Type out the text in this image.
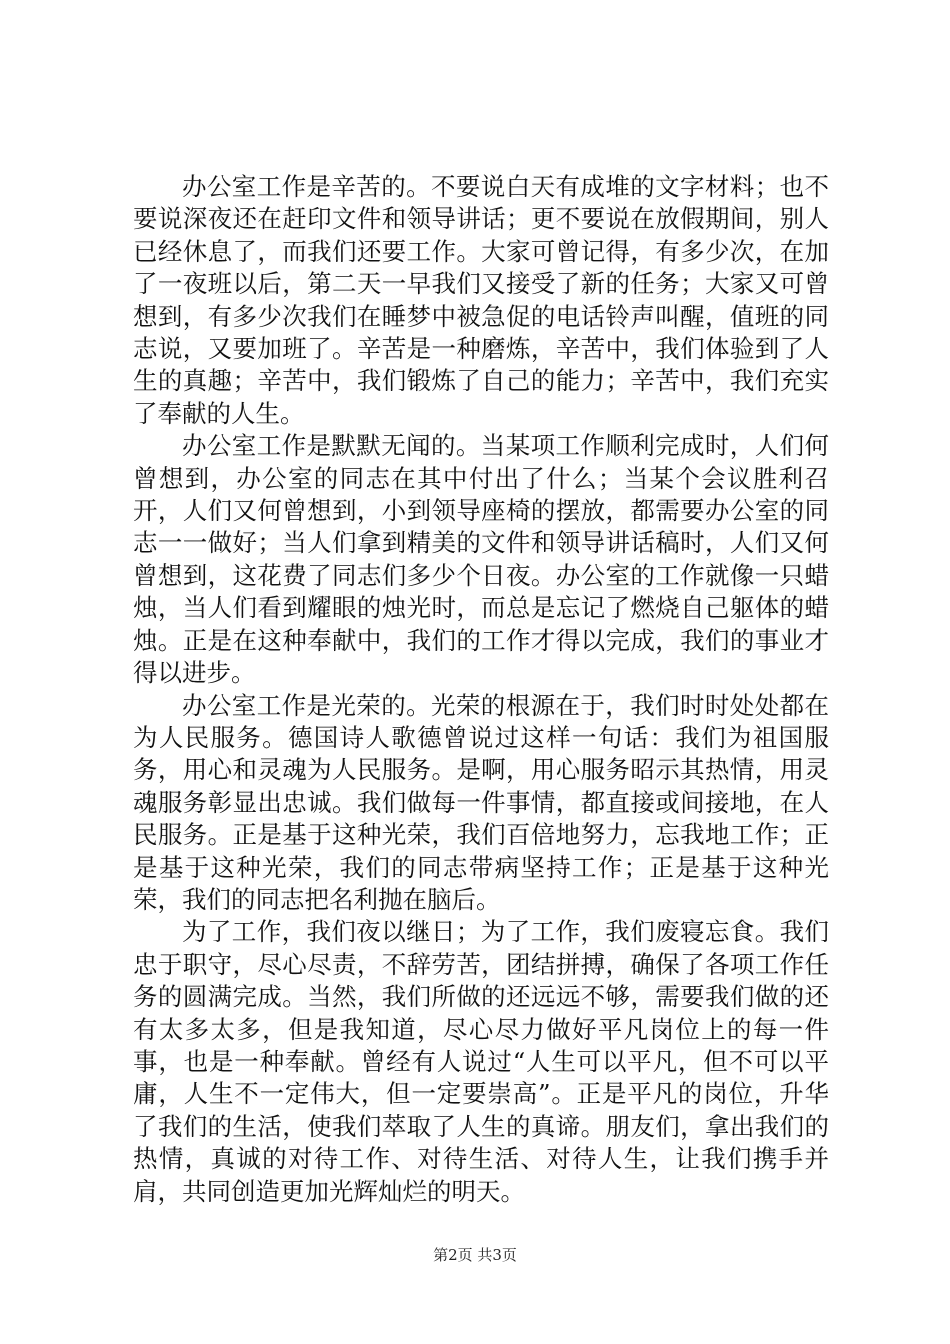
办公室工作是辛苦的。不要说白天有成堆的文字材料；也不要说深夜还在赶印文件和领导讲话；更不要说在放假期间，别人已经休息了，而我们还要工作。大家可曾记得，有多少次，在加了一夜班以后，第二天一早我们又接受了新的任务；大家又可曾想到，有多少次我们在睡梦中被急促的电话铃声叫醒，值班的同志说，又要加班了。辛苦是一种磨炼，辛苦中，我们体验到了人生的真趣；辛苦中，我们锻炼了自己的能力；辛苦中，我们充实了奉献的人生。

办公室工作是默默无闻的。当某项工作顺利完成时，人们何曾想到，办公室的同志在其中付出了什么；当某个会议胜利召开，人们又何曾想到，小到领导座椅的摆放，都需要办公室的同志一一做好；当人们拿到精美的文件和领导讲话稿时，人们又何曾想到，这花费了同志们多少个日夜。办公室的工作就像一只蜡烛，当人们看到耀眼的烛光时，而总是忘记了燃烧自己躯体的蜡烛。正是在这种奉献中，我们的工作才得以完成，我们的事业才得以进步。

办公室工作是光荣的。光荣的根源在于，我们时时处处都在为人民服务。德国诗人歌德曾说过这样一句话：我们为祖国服务，用心和灵魂为人民服务。是啊，用心服务昭示其热情，用灵魂服务彰显出忠诚。我们做每一件事情，都直接或间接地，在人民服务。正是基于这种光荣，我们百倍地努力，忘我地工作；正是基于这种光荣，我们的同志带病坚持工作；正是基于这种光荣，我们的同志把名利抛在脑后。

为了工作，我们夜以继日；为了工作，我们废寝忘食。我们忠于职守，尽心尽责，不辞劳苦，团结拼搏，确保了各项工作任务的圆满完成。当然，我们所做的还远远不够，需要我们做的还有太多太多，但是我知道，尽心尽力做好平凡岗位上的每一件事，也是一种奉献。曾经有人说过“人生可以平凡，但不可以平庸，人生不一定伟大，但一定要崇高”。正是平凡的岗位，升华了我们的生活，使我们萃取了人生的真谛。朋友们，拿出我们的热情，真诚的对待工作、对待生活、对待人生，让我们携手并肩，共同创造更加光辉灿烂的明天。

第2页 共3页
